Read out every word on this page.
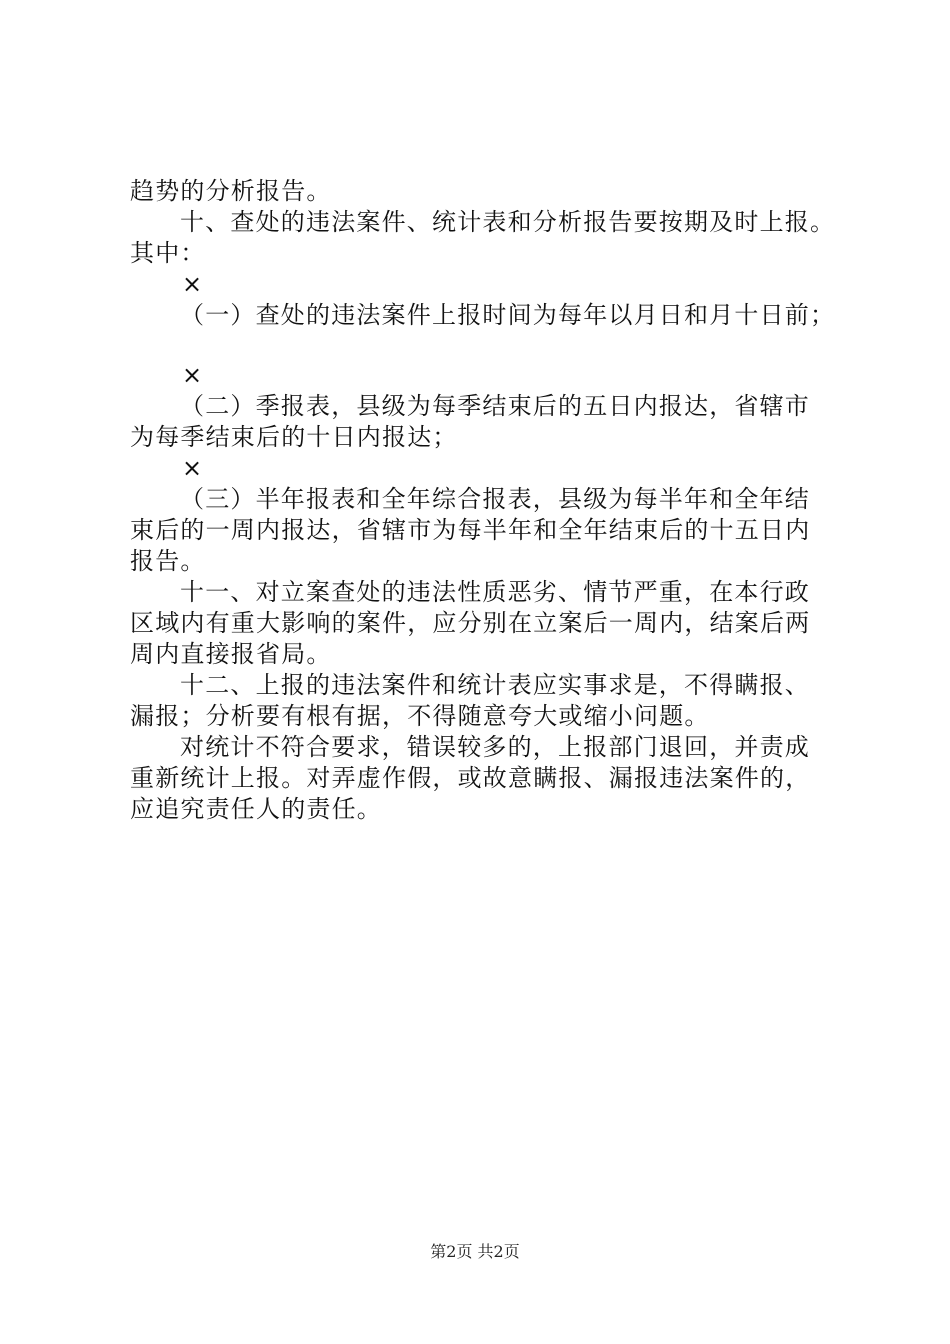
趋势的分析报告。
十、查处的违法案件、统计表和分析报告要按期及时上报。
其中：
×
（一）查处的违法案件上报时间为每年以月日和月十日前；
×
（二）季报表，县级为每季结束后的五日内报达，省辖市
为每季结束后的十日内报达；
×
（三）半年报表和全年综合报表，县级为每半年和全年结
束后的一周内报达，省辖市为每半年和全年结束后的十五日内
报告。
十一、对立案查处的违法性质恶劣、情节严重，在本行政
区域内有重大影响的案件，应分别在立案后一周内，结案后两
周内直接报省局。
十二、上报的违法案件和统计表应实事求是，不得瞒报、
漏报；分析要有根有据，不得随意夸大或缩小问题。
对统计不符合要求，错误较多的，上报部门退回，并责成
重新统计上报。对弄虚作假，或故意瞒报、漏报违法案件的，
应追究责任人的责任。
第2页 共2页
